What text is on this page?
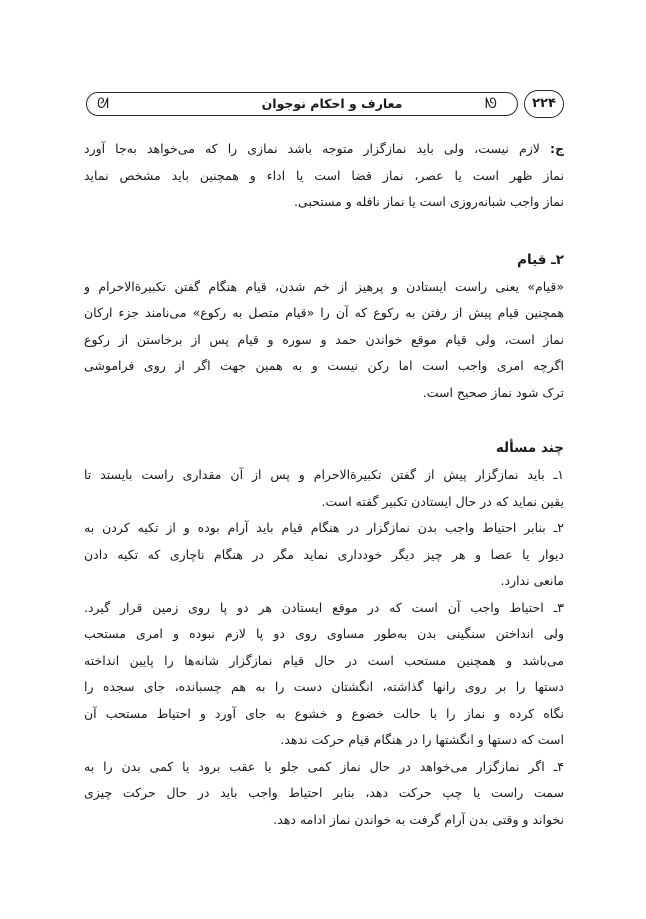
ᘛ	معارف و احکام نوجوان	ᘚ	۲۲۴
ج: لازم نیست، ولی باید نمازگزار متوجه باشد نمازی را که می‌خواهد به‌جا آورد
نماز ظهر است یا عصر، نماز قضا است یا اداء و همچنین باید مشخص نماید
نماز واجب شبانه‌روزی است یا نماز نافله و مستحبی.
۲ـ قیام
«قیام» یعنی راست ایستادن و پرهیز از خم شدن، قیام هنگام گفتن تکبیرةالاحرام و
همچنین قیام پیش از رفتن به رکوع که آن را «قیام متصل به رکوع» می‌نامند جزء ارکان
نماز است، ولی قیام موقع خواندن حمد و سوره و قیام پس از برخاستن از رکوع
اگرچه امری واجب است اما رکن نیست و به همین جهت اگر از روی فراموشی
ترک شود نماز صحیح است.
چند مسأله
۱ـ باید نمازگزار پیش از گفتن تکبیرةالاحرام و پس از آن مقداری راست بایستد تا
یقین نماید که در حال ایستادن تکبیر گفته است.
۲ـ بنابر احتیاط واجب بدن نمازگزار در هنگام قیام باید آرام بوده و از تکیه کردن به
دیوار یا عصا و هر چیز دیگر خودداری نماید مگر در هنگام ناچاری که تکیه دادن
مانعی ندارد.
۳ـ احتیاط واجب آن است که در موقع ایستادن هر دو پا روی زمین قرار گیرد.
ولی انداختن سنگینی بدن به‌طور مساوی روی دو پا لازم نبوده و امری مستحب
می‌باشد و همچنین مستحب است در حال قیام نمازگزار شانه‌ها را پایین انداخته
دستها را بر روی رانها گذاشته، انگشتان دست را به هم چسبانده، جای سجده را
نگاه کرده و نماز را با حالت خضوع و خشوع به جای آورد و احتیاط مستحب آن
است که دستها و انگشتها را در هنگام قیام حرکت ندهد.
۴ـ اگر نمازگزار می‌خواهد در حال نماز کمی جلو یا عقب برود یا کمی بدن را به
سمت راست یا چپ حرکت دهد، بنابر احتیاط واجب باید در حال حرکت چیزی
نخواند و وقتی بدن آرام گرفت به خواندن نماز ادامه دهد.
